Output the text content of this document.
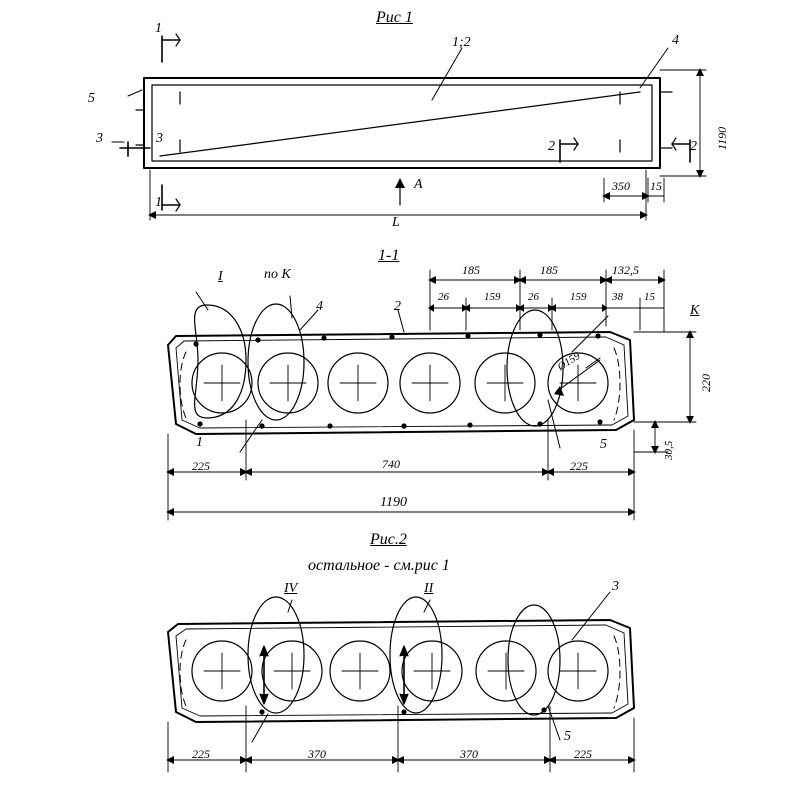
Рис 1
1;2	4
5
3	3
1
1
2	2
A
1190
L
350 15
1-1
I	по К
4	2
1	5
К
Ø159
185	185	132,5
26	159	26	159 38 15
220
30,5
225	740	225
1190
Рис.2
остальное - см.рис 1
IV	II	3
5
225	370	370	225
